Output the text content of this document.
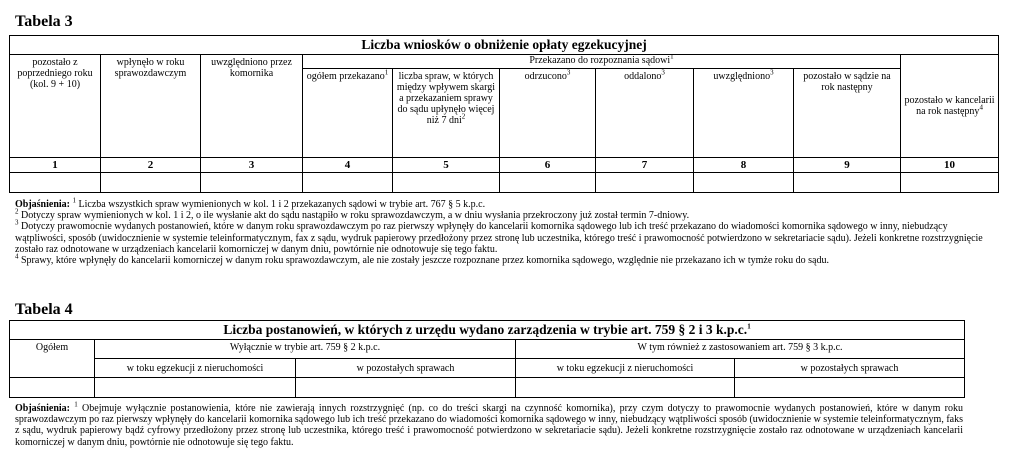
Tabela 3
Liczba wniosków o obniżenie opłaty egzekucyjnej									
pozostało z poprzedniego roku (kol. 9 + 10)	wpłynęło w roku sprawozdawczym	uwzględniono przez komornika	Przekazano do rozpoznania sądowi$^1$						pozostało w kancelarii na rok następny$^4$
			ogółem przekazano$^1$	liczba spraw, w których między wpływem skargi a przekazaniem sprawy do sądu upłynęło więcej niż 7 dni$^2$	odrzucono$^3$	oddalono$^3$	uwzględniono$^3$	pozostało w sądzie na rok następny	
1	2	3	4	5	6	7	8	9	10

Objaśnienia: $^1$ Liczba wszystkich spraw wymienionych w kol. 1 i 2 przekazanych sądowi w trybie art. 767 § 5 k.p.c.

$^2$ Dotyczy spraw wymienionych w kol. 1 i 2, o ile wysłanie akt do sądu nastąpiło w roku sprawozdawczym, a w dniu wysłania przekroczony już został termin 7-dniowy.

$^3$ Dotyczy prawomocnie wydanych postanowień, które w danym roku sprawozdawczym po raz pierwszy wpłynęły do kancelarii komornika sądowego lub ich treść przekazano do wiadomości komornika sądowego w inny, niebudzący wątpliwości, sposób (uwidocznienie w systemie teleinformatycznym, fax z sądu, wydruk papierowy przedłożony przez stronę lub uczestnika, którego treść i prawomocność potwierdzono w sekretariacie sądu). Jeżeli konkretne rozstrzygnięcie zostało raz odnotowane w urządzeniach kancelarii komorniczej w danym dniu, powtórnie nie odnotowuje się tego faktu.

$^4$ Sprawy, które wpłynęły do kancelarii komorniczej w danym roku sprawozdawczym, ale nie zostały jeszcze rozpoznane przez komornika sądowego, względnie nie przekazano ich w tymże roku do sądu.

Tabela 4
Liczba postanowień, w których z urzędu wydano zarządzenia w trybie art. 759 § 2 i 3 k.p.c.$^1$
Ogółem	Wyłącznie w trybie art. 759 § 2 k.p.c.		W tym również z zastosowaniem art. 759 § 3 k.p.c.	
	w toku egzekucji z nieruchomości	w pozostałych sprawach	w toku egzekucji z nieruchomości	w pozostałych sprawach

Objaśnienia: $^1$ Obejmuje wyłącznie postanowienia, które nie zawierają innych rozstrzygnięć (np. co do treści skargi na czynność komornika), przy czym dotyczy to prawomocnie wydanych postanowień, które w danym roku sprawozdawczym po raz pierwszy wpłynęły do kancelarii komornika sądowego lub ich treść przekazano do wiadomości komornika sądowego w inny, niebudzący wątpliwości sposób (uwidocznienie w systemie teleinformatycznym, faks z sądu, wydruk papierowy bądź cyfrowy przedłożony przez stronę lub uczestnika, którego treść i prawomocność potwierdzono w sekretariacie sądu). Jeżeli konkretne rozstrzygnięcie zostało raz odnotowane w urządzeniach kancelarii komorniczej w danym dniu, powtórnie nie odnotowuje się tego faktu.
